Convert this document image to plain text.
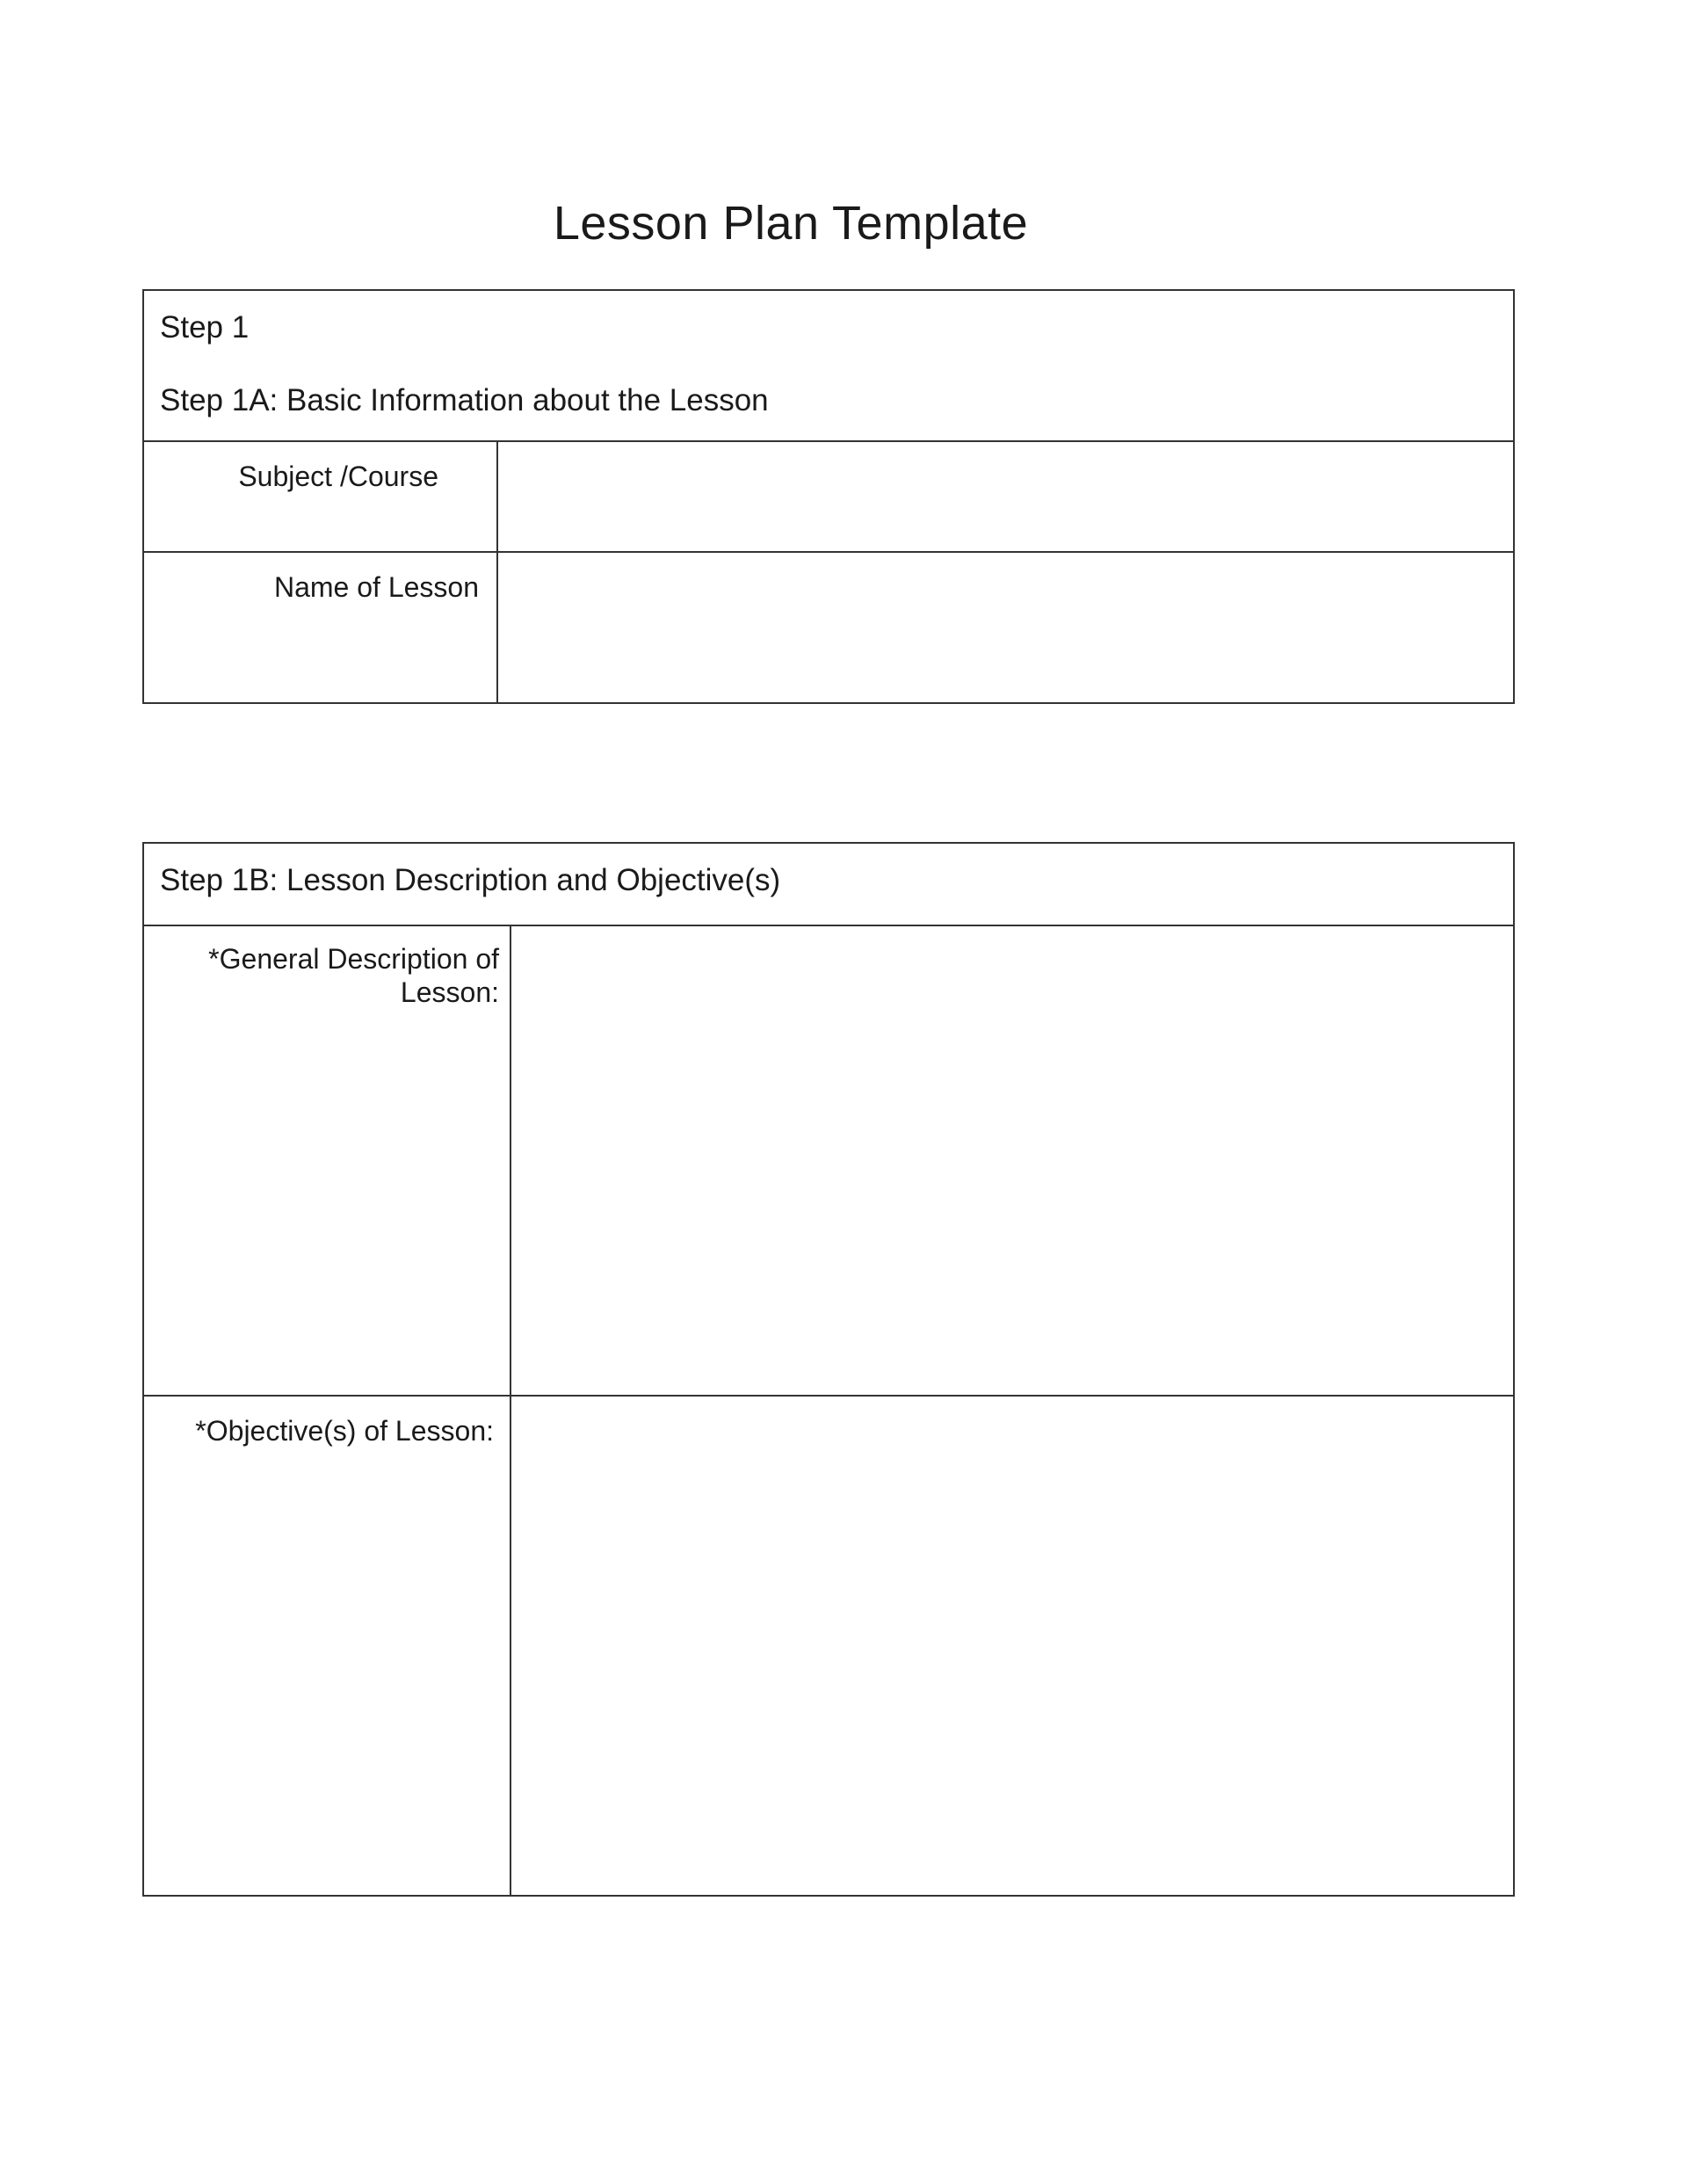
Lesson Plan Template
Step 1
Step 1A: Basic Information about the Lesson
Subject /Course
Name of Lesson
Step 1B: Lesson Description and Objective(s)
*General Description of Lesson:
*Objective(s) of Lesson:
